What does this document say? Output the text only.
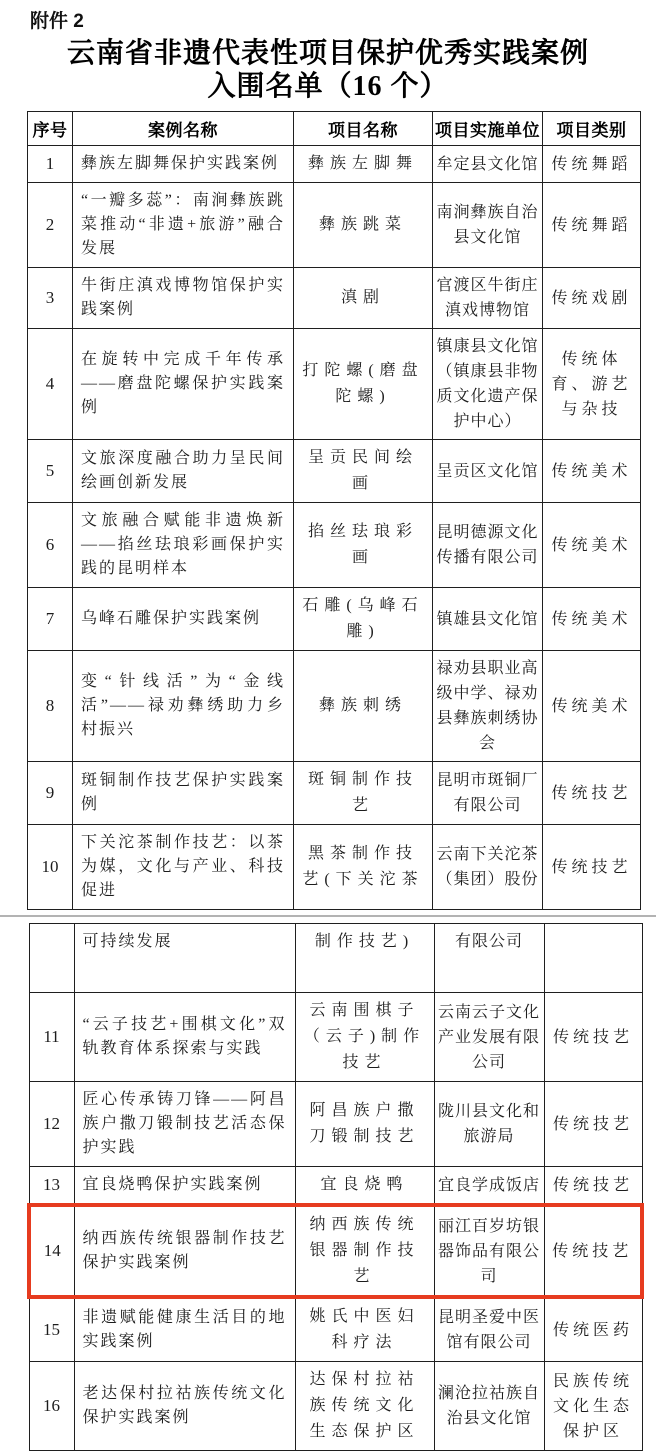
附件 2
云南省非遗代表性项目保护优秀实践案例
入围名单（16 个）
序号	案例名称	项目名称	项目实施单位	项目类别
1	彝族左脚舞保护实践案例	彝族左脚舞	牟定县文化馆	传统舞蹈
2	“一瓣多蕊”：南涧彝族跳菜推动“非遗+旅游”融合发展	彝族跳菜	南涧彝族自治县文化馆	传统舞蹈
3	牛街庄滇戏博物馆保护实践案例	滇剧	官渡区牛街庄滇戏博物馆	传统戏剧
4	在旋转中完成千年传承——磨盘陀螺保护实践案例	打陀螺(磨盘陀螺)	镇康县文化馆（镇康县非物质文化遗产保护中心）	传统体育、游艺与杂技
5	文旅深度融合助力呈民间绘画创新发展	呈贡民间绘画	呈贡区文化馆	传统美术
6	文旅融合赋能非遗焕新——掐丝珐琅彩画保护实践的昆明样本	掐丝珐琅彩画	昆明德源文化传播有限公司	传统美术
7	乌峰石雕保护实践案例	石雕(乌峰石雕)	镇雄县文化馆	传统美术
8	变“针线活”为“金线活”——禄劝彝绣助力乡村振兴	彝族刺绣	禄劝县职业高级中学、禄劝县彝族刺绣协会	传统美术
9	斑铜制作技艺保护实践案例	斑铜制作技艺	昆明市斑铜厂有限公司	传统技艺
10	下关沱茶制作技艺：以茶为媒，文化与产业、科技促进	黑茶制作技艺(下关沱茶	云南下关沱茶（集团）股份	传统技艺
	可持续发展	制作技艺)	有限公司	
11	“云子技艺+围棋文化”双轨教育体系探索与实践	云南围棋子（云子)制作技艺	云南云子文化产业发展有限公司	传统技艺
12	匠心传承铸刀锋——阿昌族户撒刀锻制技艺活态保护实践	阿昌族户撒刀锻制技艺	陇川县文化和旅游局	传统技艺
13	宜良烧鸭保护实践案例	宜良烧鸭	宜良学成饭店	传统技艺
14	纳西族传统银器制作技艺保护实践案例	纳西族传统银器制作技艺	丽江百岁坊银器饰品有限公司	传统技艺
15	非遗赋能健康生活目的地实践案例	姚氏中医妇科疗法	昆明圣爱中医馆有限公司	传统医药
16	老达保村拉祜族传统文化保护实践案例	达保村拉祜族传统文化生态保护区	澜沧拉祜族自治县文化馆	民族传统文化生态保护区
